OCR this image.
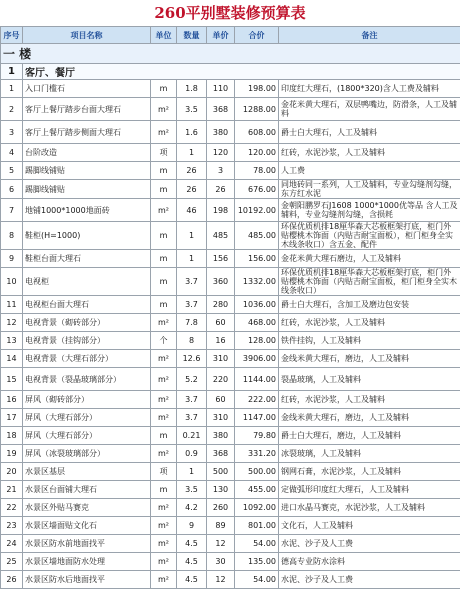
260平别墅装修预算表
序号	项目名称	单位	数量	单价	合价	备注
一 楼						
1	客厅、餐厅					
1	入口门槛石	m	1.8	110	198.00	印度红大理石，(1800*320)含人工费及辅料
2	客厅上餐厅踏步台面大理石	m²	3.5	368	1288.00	金花米黄大理石，双层鸭嘴边，防滑条，人工及辅料
3	客厅上餐厅踏步侧面大理石	m²	1.6	380	608.00	爵士白大理石，人工及辅料
4	台阶改造	项	1	120	120.00	红砖，水泥沙浆，人工及辅料
5	踢脚线铺贴	m	26	3	78.00	人工费
6	踢脚线铺贴	m	26	26	676.00	同地砖同一系列，人工及辅料，专业勾缝剂勾缝，东方红水泥
7	地铺1000*1000地面砖	m²	46	198	10192.00	金朝阳鹏罗石J1608 1000*1000优等品 含人工及辅料，专业勾缝剂勾缝，含损耗
8	鞋柜(H=1000)	m	1	485	485.00	环保优质机排18厘华森大芯板框架打底，柜门外贴樱桃木饰面（内贴吉耐宝面板），柜门柜身全实木线条收口）含五金、配件
9	鞋柜台面大理石	m	1	156	156.00	金花米黄大理石磨边，人工及辅料
10	电视柜	m	3.7	360	1332.00	环保优质机排18厘华森大芯板框架打底，柜门外贴樱桃木饰面（内贴吉耐宝面板，柜门柜身全实木线条收口）
11	电视柜台面大理石	m	3.7	280	1036.00	爵士白大理石，含加工及磨边包安装
12	电视背景（砌砖部分）	m²	7.8	60	468.00	红砖，水泥沙浆，人工及辅料
13	电视背景（挂钩部分）	个	8	16	128.00	铁件挂钩，人工及辅料
14	电视背景（大理石部分）	m²	12.6	310	3906.00	金线米黄大理石，磨边，人工及辅料
15	电视背景（裂晶玻璃部分）	m²	5.2	220	1144.00	裂晶玻璃，人工及辅料
16	屏风（砌砖部分）	m²	3.7	60	222.00	红砖，水泥沙浆，人工及辅料
17	屏风（大理石部分）	m²	3.7	310	1147.00	金线米黄大理石，磨边，人工及辅料
18	屏风（大理石部分）	m	0.21	380	79.80	爵士白大理石，磨边，人工及辅料
19	屏风（冰裂玻璃部分）	m²	0.9	368	331.20	冰裂玻璃，人工及辅料
20	水景区基层	项	1	500	500.00	钢网石膏，水泥沙浆，人工及辅料
21	水景区台面铺大理石	m	3.5	130	455.00	定做弧形印度红大理石，人工及辅料
22	水景区外贴马赛克	m²	4.2	260	1092.00	进口水晶马赛克，水泥沙浆，人工及辅料
23	水景区墙面贴文化石	m²	9	89	801.00	文化石，人工及辅料
24	水景区防水前地面找平	m²	4.5	12	54.00	水泥、沙子及人工费
25	水景区墙地面防水处理	m²	4.5	30	135.00	德高专业防水涂料
26	水景区防水后地面找平	m²	4.5	12	54.00	水泥、沙子及人工费
